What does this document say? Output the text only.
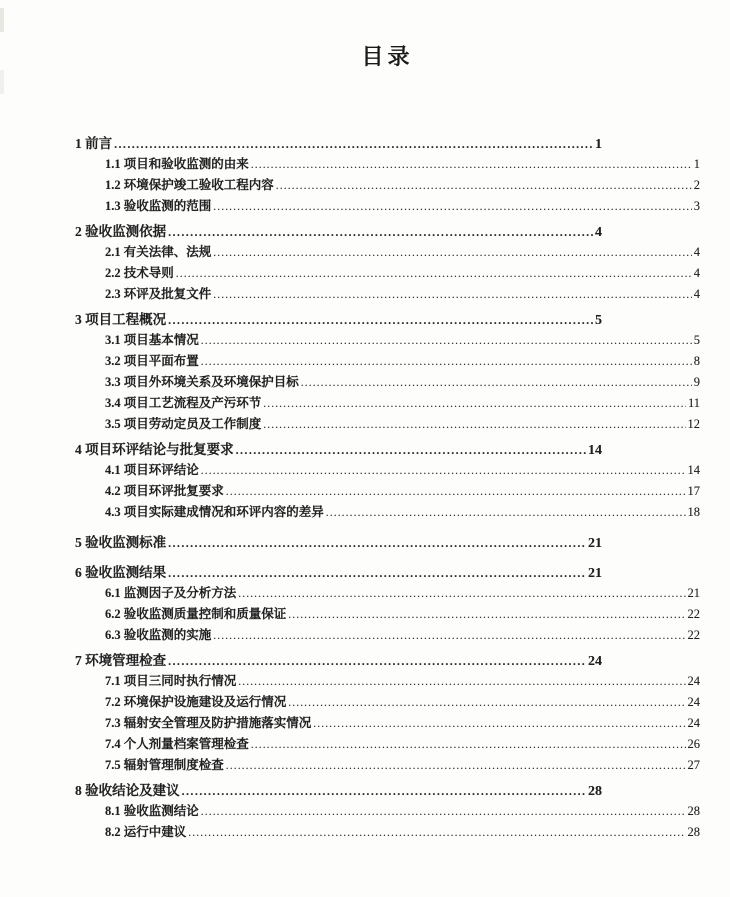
目录
1 前言 .....	1
1.1 项目和验收监测的由来 .....	1
1.2 环境保护竣工验收工程内容 .....	2
1.3 验收监测的范围 .....	3
2 验收监测依据 .....	4
2.1 有关法律、法规 .....	4
2.2 技术导则 .....	4
2.3 环评及批复文件 .....	4
3 项目工程概况 .....	5
3.1 项目基本情况 .....	5
3.2 项目平面布置 .....	8
3.3 项目外环境关系及环境保护目标 .....	9
3.4 项目工艺流程及产污环节 .....	11
3.5 项目劳动定员及工作制度 .....	12
4 项目环评结论与批复要求 .....	14
4.1 项目环评结论 .....	14
4.2 项目环评批复要求 .....	17
4.3 项目实际建成情况和环评内容的差异 .....	18
5 验收监测标准 .....	21
6 验收监测结果 .....	21
6.1 监测因子及分析方法 .....	21
6.2 验收监测质量控制和质量保证 .....	22
6.3 验收监测的实施 .....	22
7 环境管理检查 .....	24
7.1 项目三同时执行情况 .....	24
7.2 环境保护设施建设及运行情况 .....	24
7.3 辐射安全管理及防护措施落实情况 .....	24
7.4 个人剂量档案管理检查 .....	26
7.5 辐射管理制度检查 .....	27
8 验收结论及建议 .....	28
8.1 验收监测结论 .....	28
8.2 运行中建议 .....	28
